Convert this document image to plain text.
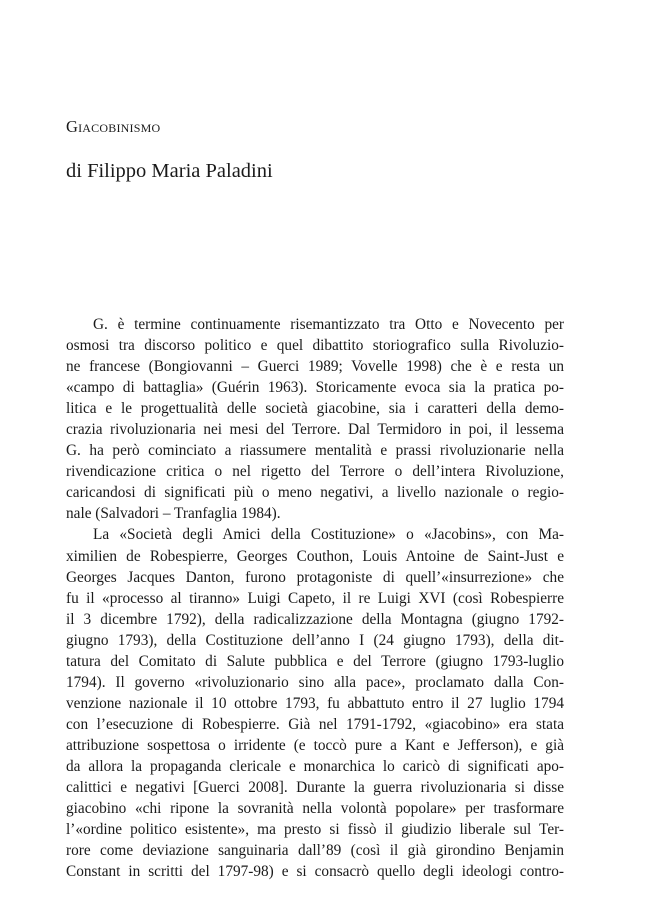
Giacobinismo
di Filippo Maria Paladini
G. è termine continuamente risemantizzato tra Otto e Novecento per
osmosi tra discorso politico e quel dibattito storiografico sulla Rivoluzio-
ne francese (Bongiovanni – Guerci 1989; Vovelle 1998) che è e resta un
«campo di battaglia» (Guérin 1963). Storicamente evoca sia la pratica po-
litica e le progettualità delle società giacobine, sia i caratteri della demo-
crazia rivoluzionaria nei mesi del Terrore. Dal Termidoro in poi, il lessema
G. ha però cominciato a riassumere mentalità e prassi rivoluzionarie nella
rivendicazione critica o nel rigetto del Terrore o dell’intera Rivoluzione,
caricandosi di significati più o meno negativi, a livello nazionale o regio-
nale (Salvadori – Tranfaglia 1984).
La «Società degli Amici della Costituzione» o «Jacobins», con Ma-
ximilien de Robespierre, Georges Couthon, Louis Antoine de Saint-Just e
Georges Jacques Danton, furono protagoniste di quell’«insurrezione» che
fu il «processo al tiranno» Luigi Capeto, il re Luigi XVI (così Robespierre
il 3 dicembre 1792), della radicalizzazione della Montagna (giugno 1792-
giugno 1793), della Costituzione dell’anno I (24 giugno 1793), della dit-
tatura del Comitato di Salute pubblica e del Terrore (giugno 1793-luglio
1794). Il governo «rivoluzionario sino alla pace», proclamato dalla Con-
venzione nazionale il 10 ottobre 1793, fu abbattuto entro il 27 luglio 1794
con l’esecuzione di Robespierre. Già nel 1791-1792, «giacobino» era stata
attribuzione sospettosa o irridente (e toccò pure a Kant e Jefferson), e già
da allora la propaganda clericale e monarchica lo caricò di significati apo-
calittici e negativi [Guerci 2008]. Durante la guerra rivoluzionaria si disse
giacobino «chi ripone la sovranità nella volontà popolare» per trasformare
l’«ordine politico esistente», ma presto si fissò il giudizio liberale sul Ter-
rore come deviazione sanguinaria dall’89 (così il già girondino Benjamin
Constant in scritti del 1797-98) e si consacrò quello degli ideologi contro-
